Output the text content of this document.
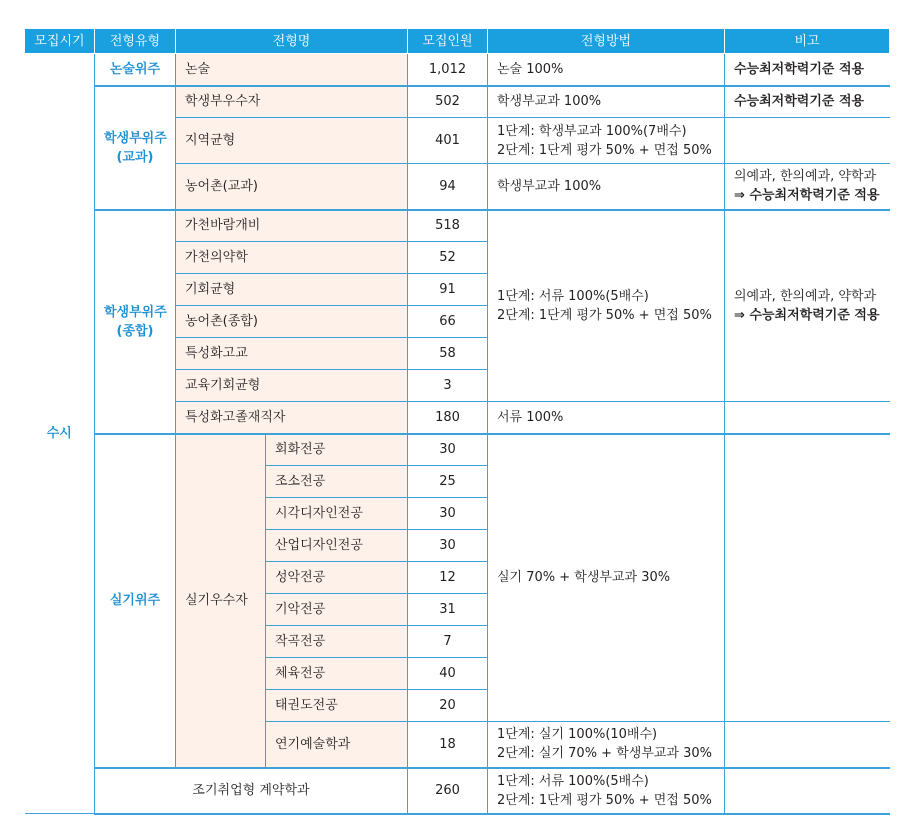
모집시기	전형유형	전형명		모집인원	전형방법	비고
수시	논술위주	논술		1,012	논술 100%	수능최저학력기준 적용
	학생부위주
(교과)	학생부우수자		502	학생부교과 100%	수능최저학력기준 적용
		지역균형		401	1단계: 학생부교과 100%(7배수)
2단계: 1단계 평가 50% + 면접 50%	
		농어촌(교과)		94	학생부교과 100%	의예과, 한의예과, 약학과
⇒ 수능최저학력기준 적용
	학생부위주
(종합)	가천바람개비		518	1단계: 서류 100%(5배수)
2단계: 1단계 평가 50% + 면접 50%	의예과, 한의예과, 약학과
⇒ 수능최저학력기준 적용
		가천의약학		52		
		기회균형		91		
		농어촌(종합)		66		
		특성화고교		58		
		교육기회균형		3		
		특성화고졸재직자		180	서류 100%	
	실기위주	실기우수자	회화전공	30	실기 70% + 학생부교과 30%	
			조소전공	25		
			시각디자인전공	30		
			산업디자인전공	30		
			성악전공	12		
			기악전공	31		
			작곡전공	7		
			체육전공	40		
			태권도전공	20		
			연기예술학과	18	1단계: 실기 100%(10배수)
2단계: 실기 70% + 학생부교과 30%	
	조기취업형 계약학과			260	1단계: 서류 100%(5배수)
2단계: 1단계 평가 50% + 면접 50%	
